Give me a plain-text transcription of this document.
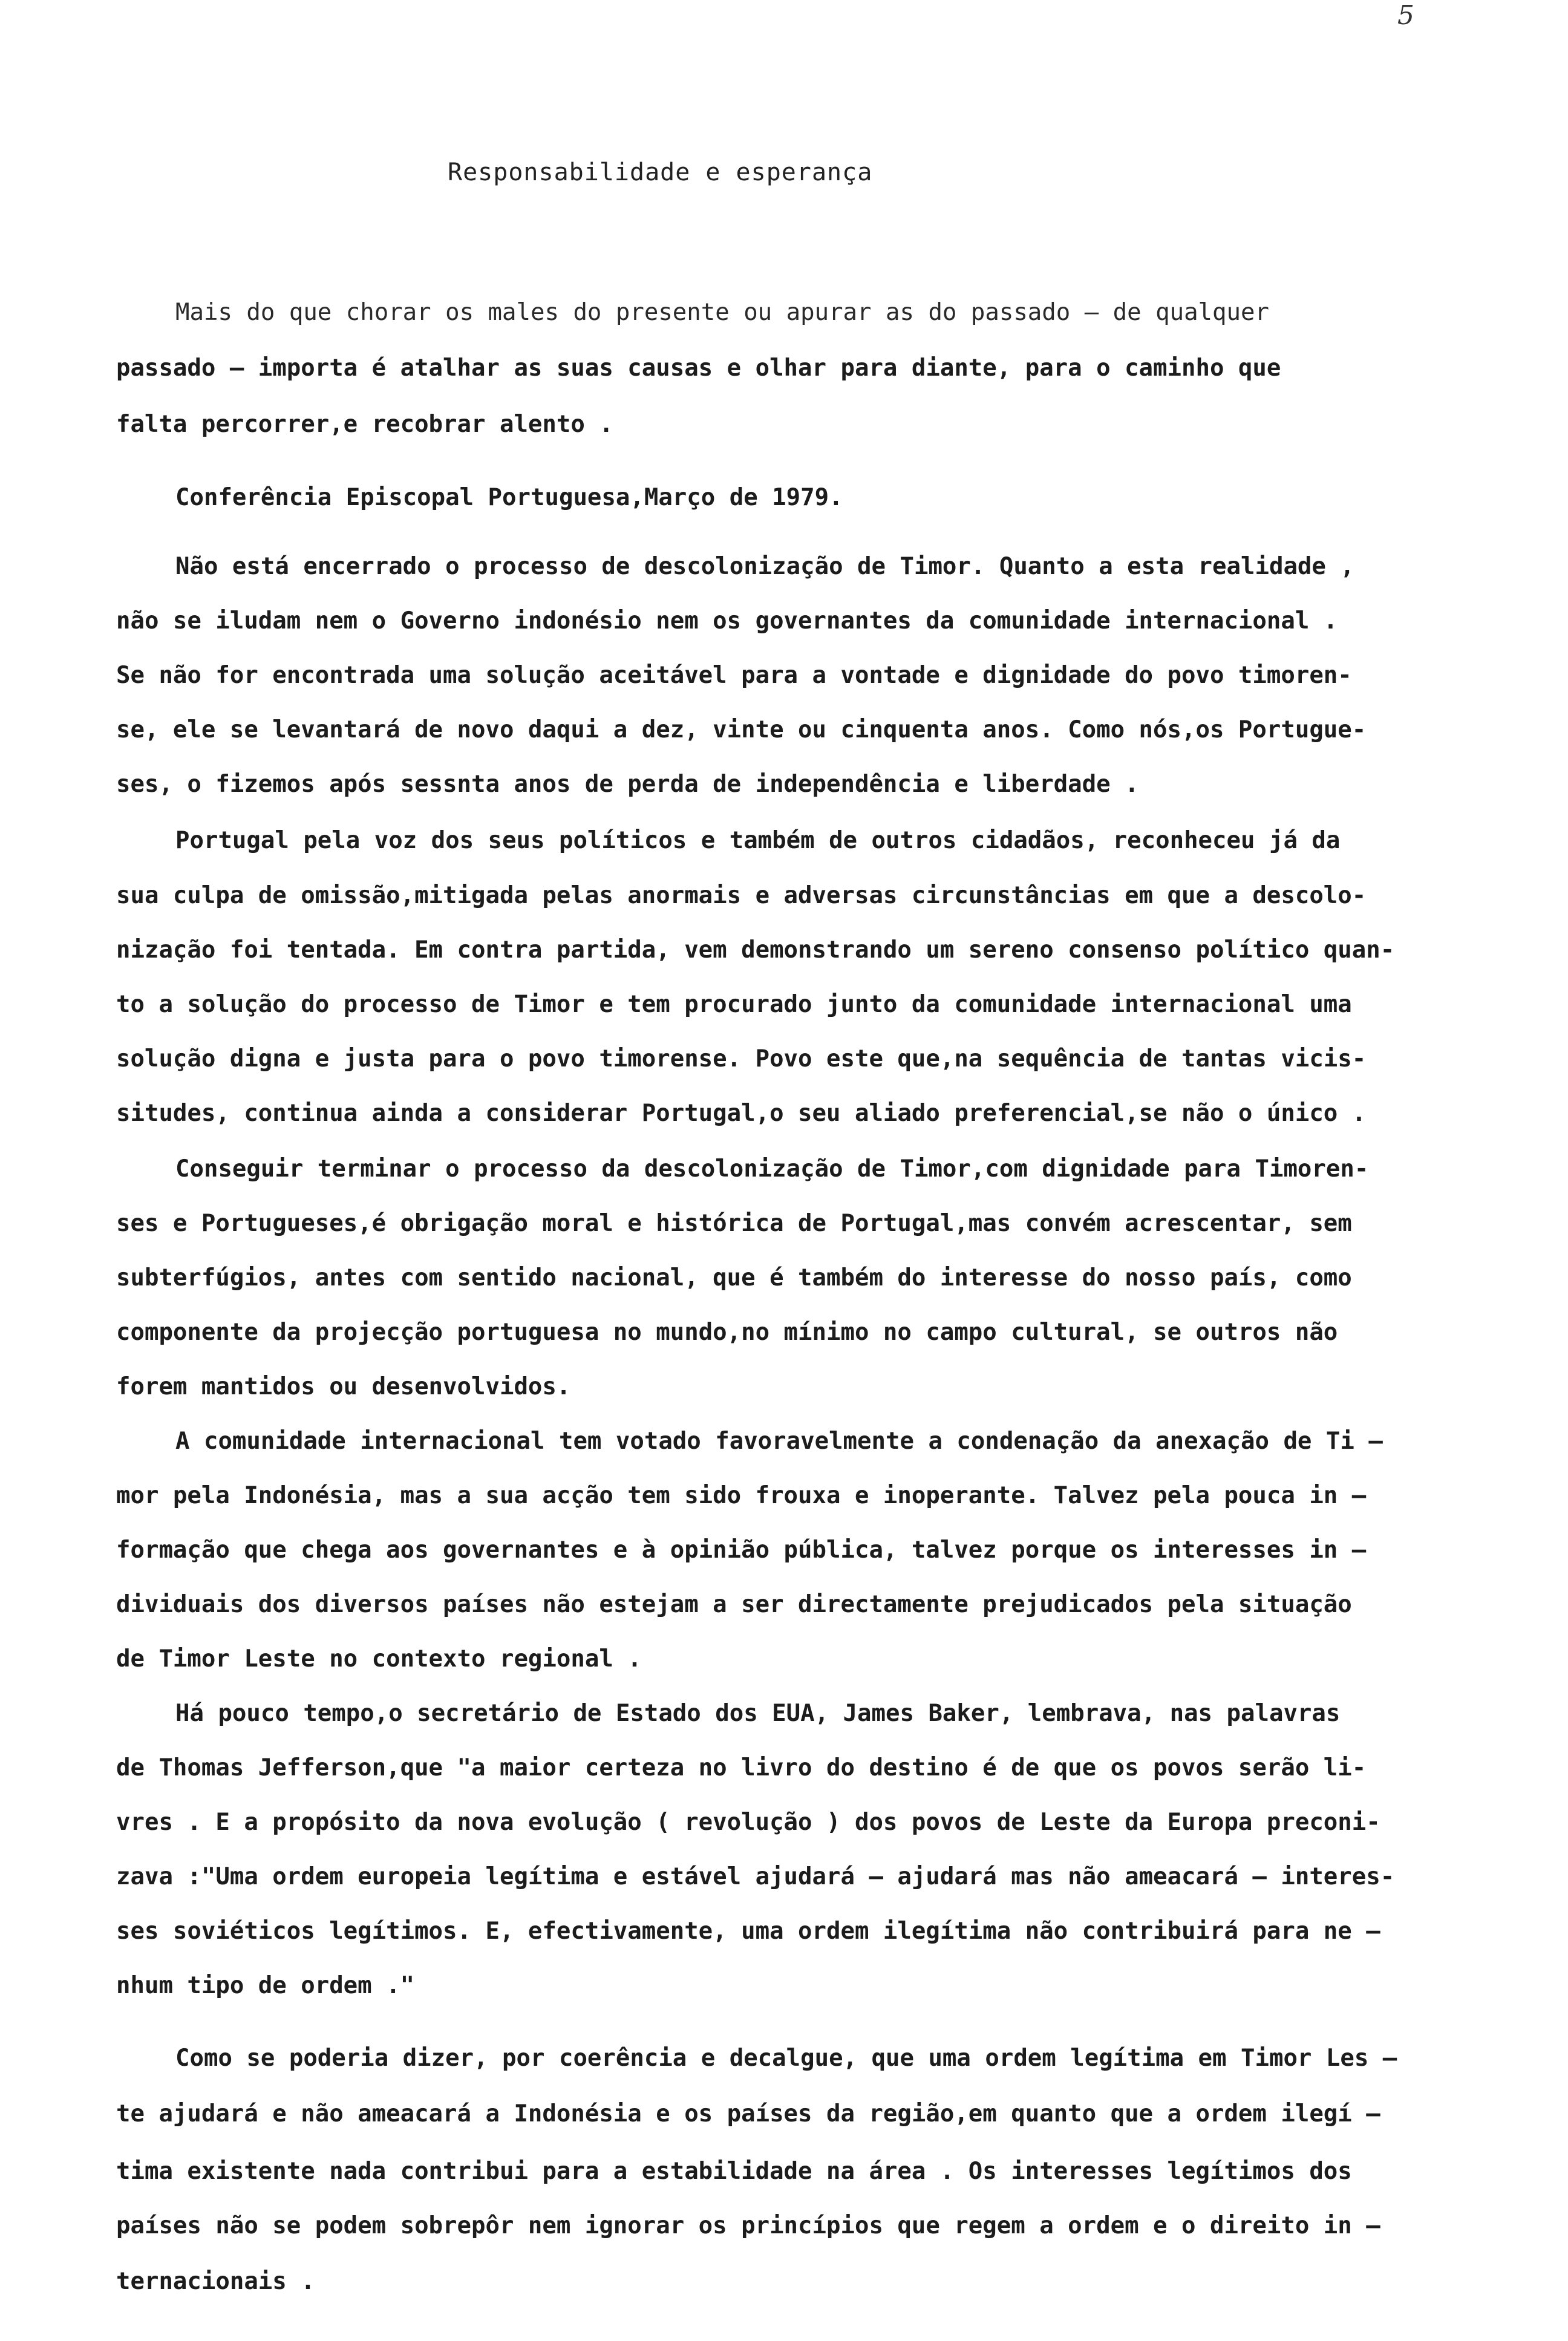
5
Responsabilidade e esperança
Mais do que chorar os males do presente ou apurar as do passado – de qualquer
passado – importa é atalhar as suas causas e olhar para diante, para o caminho que
falta percorrer,e recobrar alento .
Conferência Episcopal Portuguesa,Março de 1979.
Não está encerrado o processo de descolonização de Timor. Quanto a esta realidade ,
não se iludam nem o Governo indonésio nem os governantes da comunidade internacional .
Se não for encontrada uma solução aceitável para a vontade e dignidade do povo timoren-
se, ele se levantará de novo daqui a dez, vinte ou cinquenta anos. Como nós,os Portugue-
ses, o fizemos após sessnta anos de perda de independência e liberdade .
Portugal pela voz dos seus políticos e também de outros cidadãos, reconheceu já da
sua culpa de omissão,mitigada pelas anormais e adversas circunstâncias em que a descolo-
nização foi tentada. Em contra partida, vem demonstrando um sereno consenso político quan-
to a solução do processo de Timor e tem procurado junto da comunidade internacional uma
solução digna e justa para o povo timorense. Povo este que,na sequência de tantas vicis-
situdes, continua ainda a considerar Portugal,o seu aliado preferencial,se não o único .
Conseguir terminar o processo da descolonização de Timor,com dignidade para Timoren-
ses e Portugueses,é obrigação moral e histórica de Portugal,mas convém acrescentar, sem
subterfúgios, antes com sentido nacional, que é também do interesse do nosso país, como
componente da projecção portuguesa no mundo,no mínimo no campo cultural, se outros não
forem mantidos ou desenvolvidos.
A comunidade internacional tem votado favoravelmente a condenação da anexação de Ti –
mor pela Indonésia, mas a sua acção tem sido frouxa e inoperante. Talvez pela pouca in –
formação que chega aos governantes e à opinião pública, talvez porque os interesses in –
dividuais dos diversos países não estejam a ser directamente prejudicados pela situação
de Timor Leste no contexto regional .
Há pouco tempo,o secretário de Estado dos EUA, James Baker, lembrava, nas palavras
de Thomas Jefferson,que "a maior certeza no livro do destino é de que os povos serão li-
vres . E a propósito da nova evolução ( revolução ) dos povos de Leste da Europa preconi-
zava :"Uma ordem europeia legítima e estável ajudará – ajudará mas não ameacará – interes-
ses soviéticos legítimos. E, efectivamente, uma ordem ilegítima não contribuirá para ne –
nhum tipo de ordem ."
Como se poderia dizer, por coerência e decalgue, que uma ordem legítima em Timor Les –
te ajudará e não ameacará a Indonésia e os países da região,em quanto que a ordem ilegí –
tima existente nada contribui para a estabilidade na área . Os interesses legítimos dos
países não se podem sobrepôr nem ignorar os princípios que regem a ordem e o direito in –
ternacionais .
